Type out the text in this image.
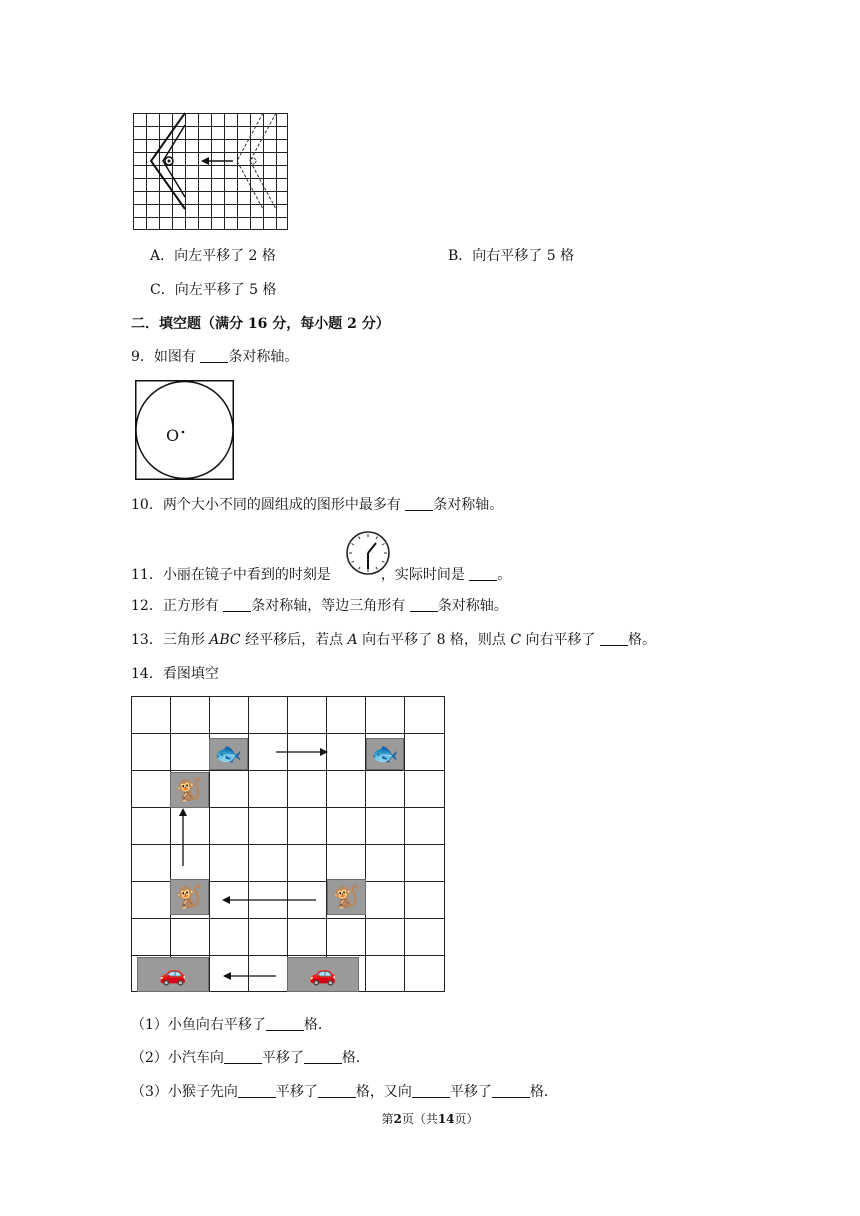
A．向左平移了 2 格	B．向右平移了 5 格
C．向左平移了 5 格
二．填空题（满分 16 分，每小题 2 分）
9．如图有 条对称轴。
O
10．两个大小不同的圆组成的图形中最多有 条对称轴。
11．小丽在镜子中看到的时刻是	，实际时间是 。
12．正方形有 条对称轴，等边三角形有 条对称轴。
13．三角形 ABC 经平移后，若点 A 向右平移了 8 格，则点 C 向右平移了 格。
14．看图填空
🐟	🐟
🐒
🐒	🐒
🚗	🚗
（1）小鱼向右平移了	格．
（2）小汽车向	平移了	格．
（3）小猴子先向	平移了	格，又向	平移了	格．
第2页（共14页）
